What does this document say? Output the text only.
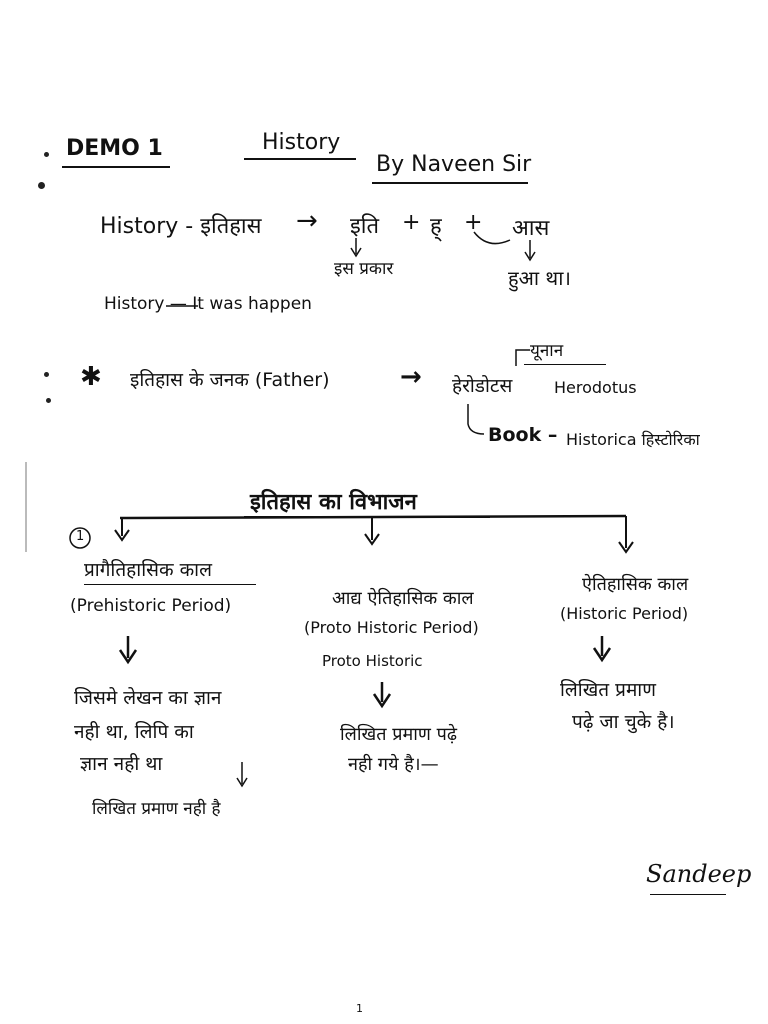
DEMO 1	History
By Naveen Sir
History - इतिहास → इति + ह् + आस
इस प्रकार	हुआ था।
History — It was happen
✱ इतिहास के जनक (Father)	→ हेरोडोटस	Herodotus
यूनान
Book – Historica हिस्टोरिका
इतिहास का विभाजन
1
प्रागैतिहासिक काल
(Prehistoric Period)
जिसमे लेखन का ज्ञान
नही था, लिपि का
ज्ञान नही था
लिखित प्रमाण नही है
आद्य ऐतिहासिक काल
(Proto Historic Period)
Proto Historic
लिखित प्रमाण पढ़े
नही गये है।—
ऐतिहासिक काल
(Historic Period)
लिखित प्रमाण
पढ़े जा चुके है।
Sandeep
1
